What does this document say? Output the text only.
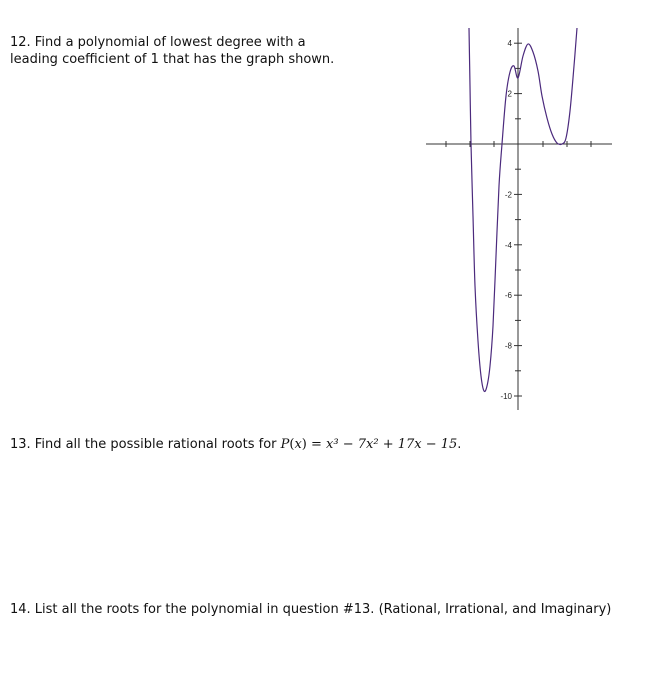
12. Find a polynomial of lowest degree with a
leading coefficient of 1 that has the graph shown.
4
2
-2
-4
-6
-8
-10
13. Find all the possible rational roots for P(x) = x³ − 7x² + 17x − 15.
14. List all the roots for the polynomial in question #13. (Rational, Irrational, and Imaginary)
